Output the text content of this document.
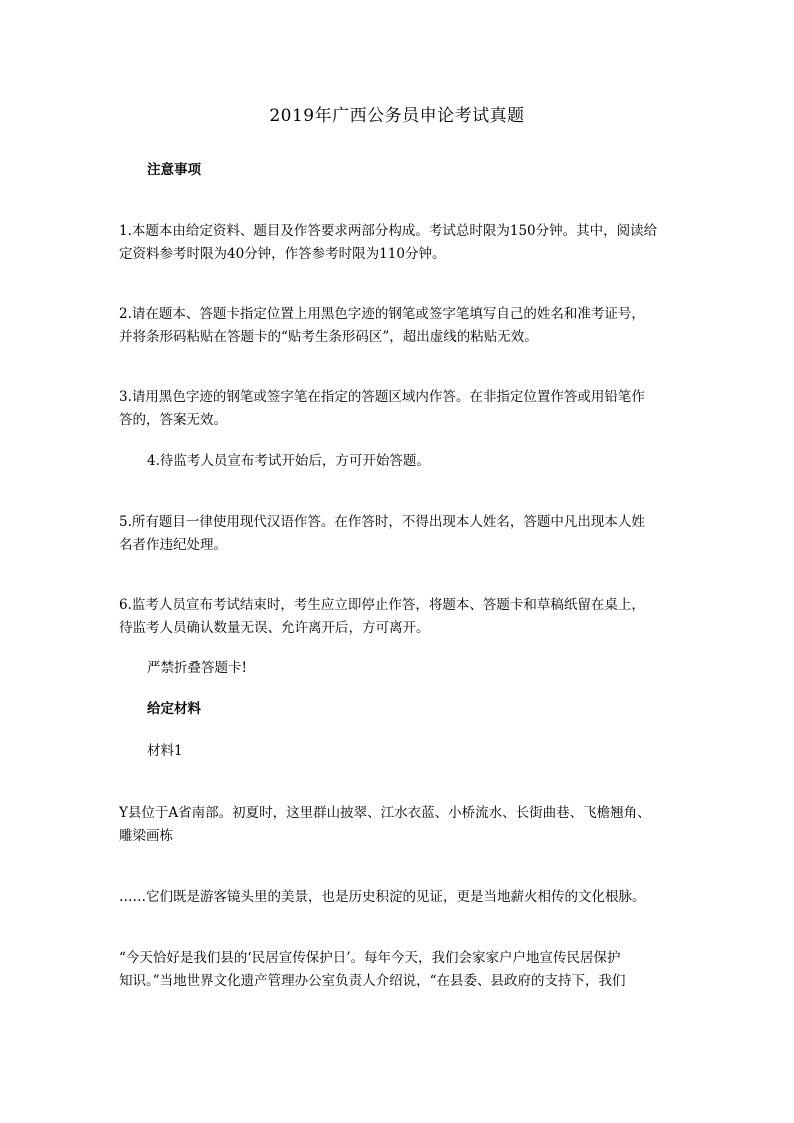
2019年广西公务员申论考试真题
注意事项
1.本题本由给定资料、题目及作答要求两部分构成。考试总时限为150分钟。其中，阅读给
定资料参考时限为40分钟，作答参考时限为110分钟。
2.请在题本、答题卡指定位置上用黑色字迹的钢笔或签字笔填写自己的姓名和准考证号，
并将条形码粘贴在答题卡的“贴考生条形码区”，超出虚线的粘贴无效。
3.请用黑色字迹的钢笔或签字笔在指定的答题区域内作答。在非指定位置作答或用铅笔作
答的，答案无效。
4.待监考人员宣布考试开始后，方可开始答题。
5.所有题目一律使用现代汉语作答。在作答时，不得出现本人姓名，答题中凡出现本人姓
名者作违纪处理。
6.监考人员宣布考试结束时，考生应立即停止作答，将题本、答题卡和草稿纸留在桌上，
待监考人员确认数量无误、允许离开后，方可离开。
严禁折叠答题卡!
给定材料
材料1
Y县位于A省南部。初夏时，这里群山披翠、江水衣蓝、小桥流水、长街曲巷、飞檐翘角、
雕梁画栋
……它们既是游客镜头里的美景，也是历史积淀的见证，更是当地薪火相传的文化根脉。
“今天恰好是我们县的‘民居宣传保护日’。每年今天，我们会家家户户地宣传民居保护
知识。”当地世界文化遗产管理办公室负责人介绍说，“在县委、县政府的支持下，我们
